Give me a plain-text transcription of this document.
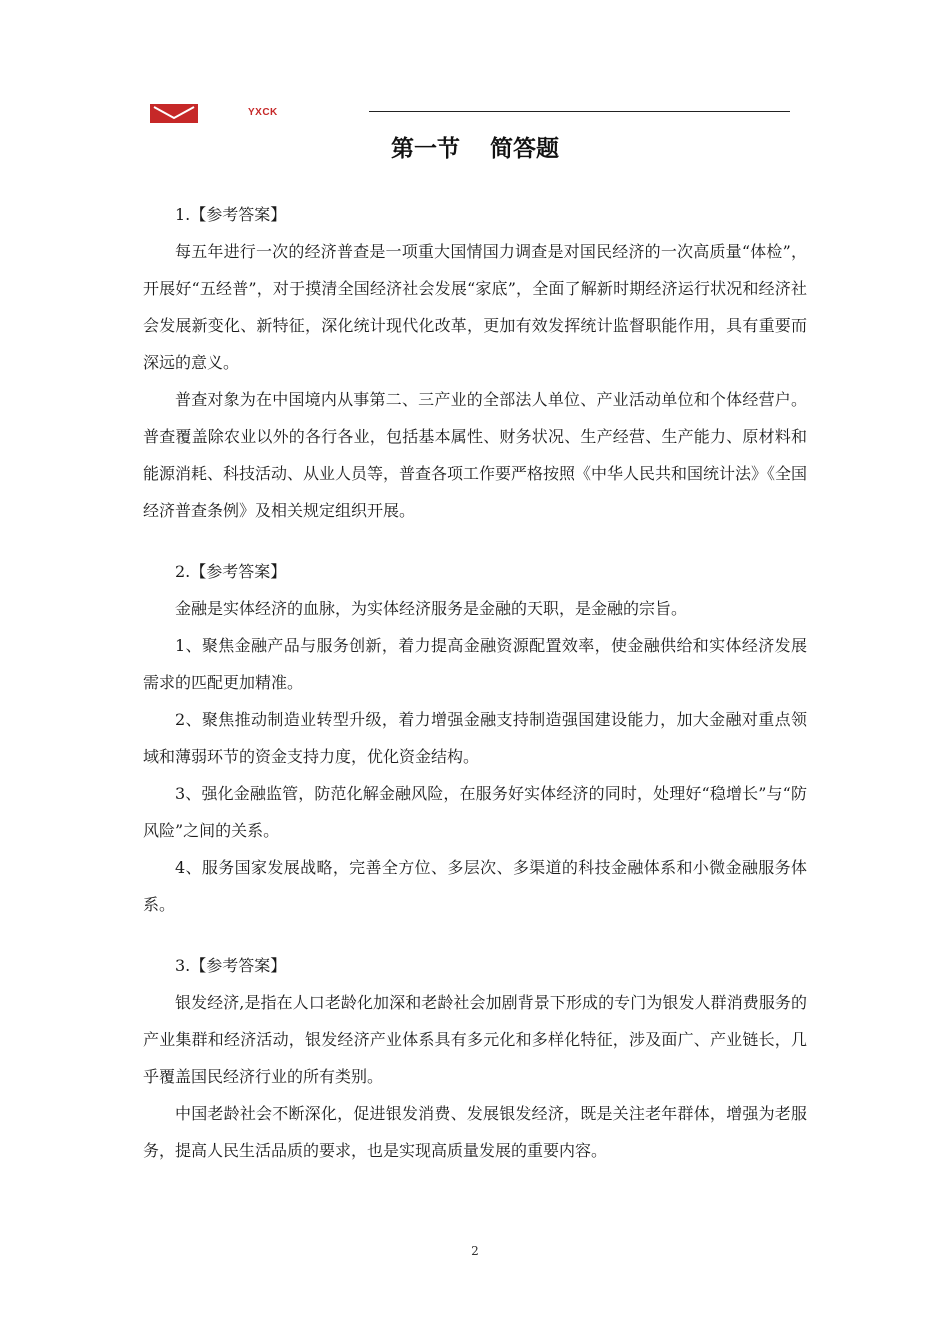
YXCK
第一节 简答题

1.【参考答案】

每五年进行一次的经济普查是一项重大国情国力调查是对国民经济的一次高质量“体检”，开展好“五经普”，对于摸清全国经济社会发展“家底”，全面了解新时期经济运行状况和经济社会发展新变化、新特征，深化统计现代化改革，更加有效发挥统计监督职能作用，具有重要而深远的意义。

普查对象为在中国境内从事第二、三产业的全部法人单位、产业活动单位和个体经营户。普查覆盖除农业以外的各行各业，包括基本属性、财务状况、生产经营、生产能力、原材料和能源消耗、科技活动、从业人员等，普查各项工作要严格按照《中华人民共和国统计法》《全国经济普查条例》及相关规定组织开展。

2.【参考答案】

金融是实体经济的血脉，为实体经济服务是金融的天职，是金融的宗旨。

1、聚焦金融产品与服务创新，着力提高金融资源配置效率，使金融供给和实体经济发展需求的匹配更加精准。

2、聚焦推动制造业转型升级，着力增强金融支持制造强国建设能力，加大金融对重点领域和薄弱环节的资金支持力度，优化资金结构。

3、强化金融监管，防范化解金融风险，在服务好实体经济的同时，处理好“稳增长”与“防风险”之间的关系。

4、服务国家发展战略，完善全方位、多层次、多渠道的科技金融体系和小微金融服务体系。

3.【参考答案】

银发经济,是指在人口老龄化加深和老龄社会加剧背景下形成的专门为银发人群消费服务的产业集群和经济活动，银发经济产业体系具有多元化和多样化特征，涉及面广、产业链长，几乎覆盖国民经济行业的所有类别。

中国老龄社会不断深化，促进银发消费、发展银发经济，既是关注老年群体，增强为老服务，提高人民生活品质的要求，也是实现高质量发展的重要内容。

2
